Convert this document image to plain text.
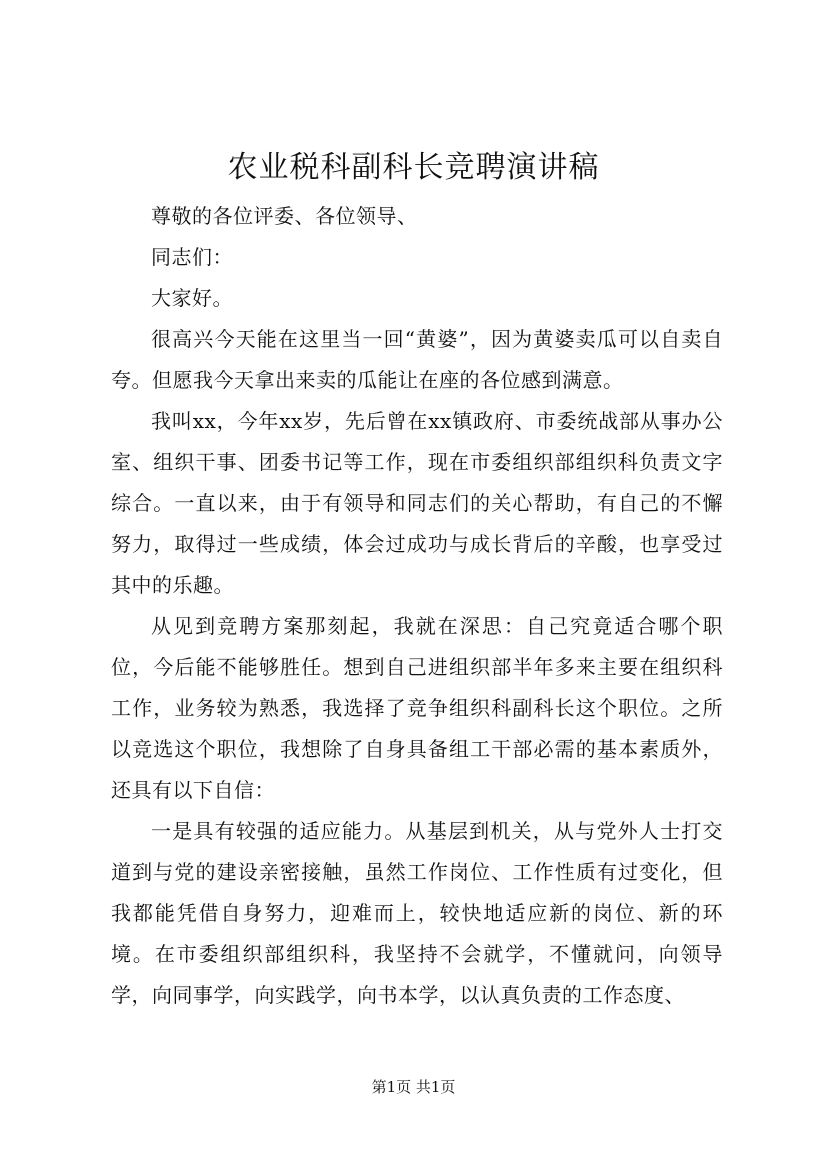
农业税科副科长竞聘演讲稿

尊敬的各位评委、各位领导、

同志们：

大家好。

很高兴今天能在这里当一回“黄婆”，因为黄婆卖瓜可以自卖自夸。但愿我今天拿出来卖的瓜能让在座的各位感到满意。

我叫xx，今年xx岁，先后曾在xx镇政府、市委统战部从事办公室、组织干事、团委书记等工作，现在市委组织部组织科负责文字综合。一直以来，由于有领导和同志们的关心帮助，有自己的不懈努力，取得过一些成绩，体会过成功与成长背后的辛酸，也享受过其中的乐趣。

从见到竞聘方案那刻起，我就在深思：自己究竟适合哪个职位，今后能不能够胜任。想到自己进组织部半年多来主要在组织科工作，业务较为熟悉，我选择了竞争组织科副科长这个职位。之所以竞选这个职位，我想除了自身具备组工干部必需的基本素质外，还具有以下自信：

一是具有较强的适应能力。从基层到机关，从与党外人士打交道到与党的建设亲密接触，虽然工作岗位、工作性质有过变化，但我都能凭借自身努力，迎难而上，较快地适应新的岗位、新的环境。在市委组织部组织科，我坚持不会就学，不懂就问，向领导学，向同事学，向实践学，向书本学，以认真负责的工作态度、

第1页 共1页
